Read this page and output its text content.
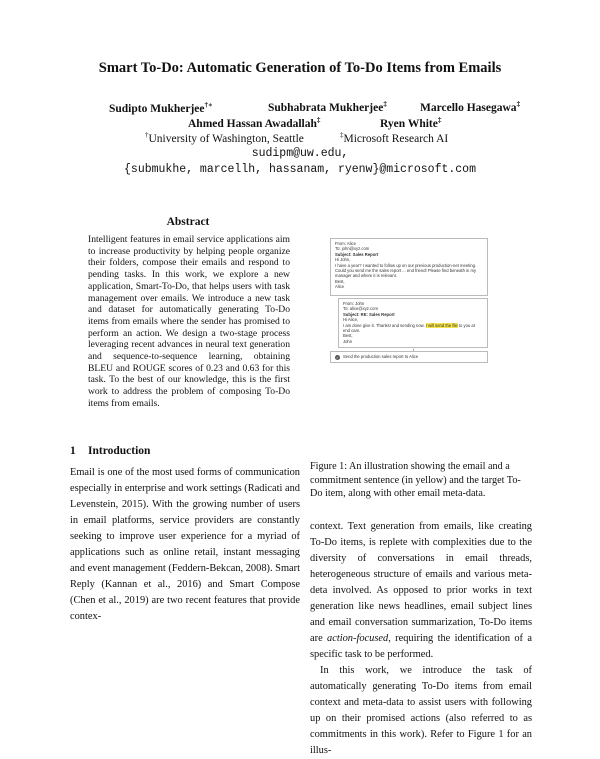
Smart To-Do: Automatic Generation of To-Do Items from Emails
Sudipto Mukherjee†∗	Subhabrata Mukherjee‡	Marcello Hasegawa‡
Ahmed Hassan Awadallah‡	Ryen White‡
†University of Washington, Seattle	‡Microsoft Research AI
sudipm@uw.edu,
{submukhe, marcellh, hassanam, ryenw}@microsoft.com
Abstract
Intelligent features in email service applications aim to increase productivity by helping people organize their folders, compose their emails and respond to pending tasks. In this work, we explore a new application, Smart-To-Do, that helps users with task management over emails. We introduce a new task and dataset for automatically generating To-Do items from emails where the sender has promised to perform an action. We design a two-stage process leveraging recent advances in neural text generation and sequence-to-sequence learning, obtaining BLEU and ROUGE scores of 0.23 and 0.63 for this task. To the best of our knowledge, this is the first work to address the problem of composing To-Do items from emails.
1 Introduction
Email is one of the most used forms of communication especially in enterprise and work settings (Radicati and Levenstein, 2015). With the growing number of users in email platforms, service providers are constantly seeking to improve user experience for a myriad of applications such as online retail, instant messaging and event management (Feddern-Bekcan, 2008). Smart Reply (Kannan et al., 2016) and Smart Compose (Chen et al., 2019) are two recent features that provide contex-
From: Alice
To: john@xyz.com
Subject: Sales Report
Hi John,
I have a year? I wanted to follow up on our previous production-net meeting. Could you send me the sales report ... end friend! Please find beneath in my manager and where it is relevant.
Best,
Alice
From: John
To: alice@xyz.com
Subject: RE: Sales Report
Hi Alice,
I am done give it. Thanks! and sending now. I will send the file to you at end cam.
Best,
John
✓ Send the production sales report to Alice
Figure 1: An illustration showing the email and a commitment sentence (in yellow) and the target To-Do item, along with other email meta-data.
context. Text generation from emails, like creating To-Do items, is replete with complexities due to the diversity of conversations in email threads, heterogeneous structure of emails and various meta-deta involved. As opposed to prior works in text generation like news headlines, email subject lines and email conversation summarization, To-Do items are action-focused, requiring the identification of a specific task to be performed.
In this work, we introduce the task of automatically generating To-Do items from email context and meta-data to assist users with following up on their promised actions (also referred to as commitments in this work). Refer to Figure 1 for an illus-
